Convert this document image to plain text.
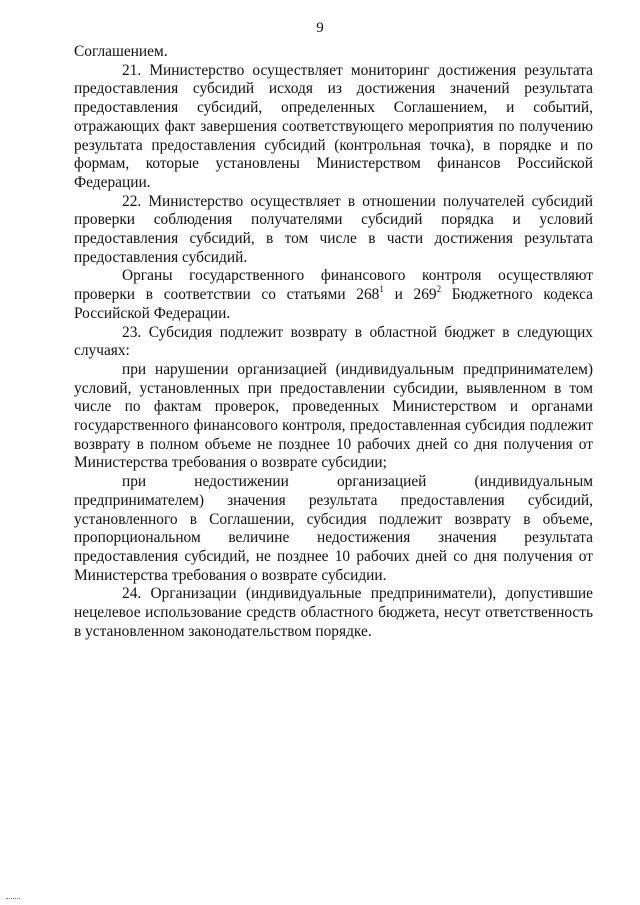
9

Соглашением.

21. Министерство осуществляет мониторинг достижения результата предоставления субсидий исходя из достижения значений результата предоставления субсидий, определенных Соглашением, и событий, отражающих факт завершения соответствующего мероприятия по получению результата предоставления субсидий (контрольная точка), в порядке и по формам, которые установлены Министерством финансов Российской Федерации.

22. Министерство осуществляет в отношении получателей субсидий проверки соблюдения получателями субсидий порядка и условий предоставления субсидий, в том числе в части достижения результата предоставления субсидий.

Органы государственного финансового контроля осуществляют проверки в соответствии со статьями $268^1$ и $269^2$ Бюджетного кодекса Российской Федерации.

23. Субсидия подлежит возврату в областной бюджет в следующих случаях:

при нарушении организацией (индивидуальным предпринимателем) условий, установленных при предоставлении субсидии, выявленном в том числе по фактам проверок, проведенных Министерством и органами государственного финансового контроля, предоставленная субсидия подлежит возврату в полном объеме не позднее 10 рабочих дней со дня получения от Министерства требования о возврате субсидии;

при недостижении организацией (индивидуальным предпринимателем) значения результата предоставления субсидий, установленного в Соглашении, субсидия подлежит возврату в объеме, пропорциональном величине недостижения значения результата предоставления субсидий, не позднее 10 рабочих дней со дня получения от Министерства требования о возврате субсидии.

24. Организации (индивидуальные предприниматели), допустившие нецелевое использование средств областного бюджета, несут ответственность в установленном законодательством порядке.
